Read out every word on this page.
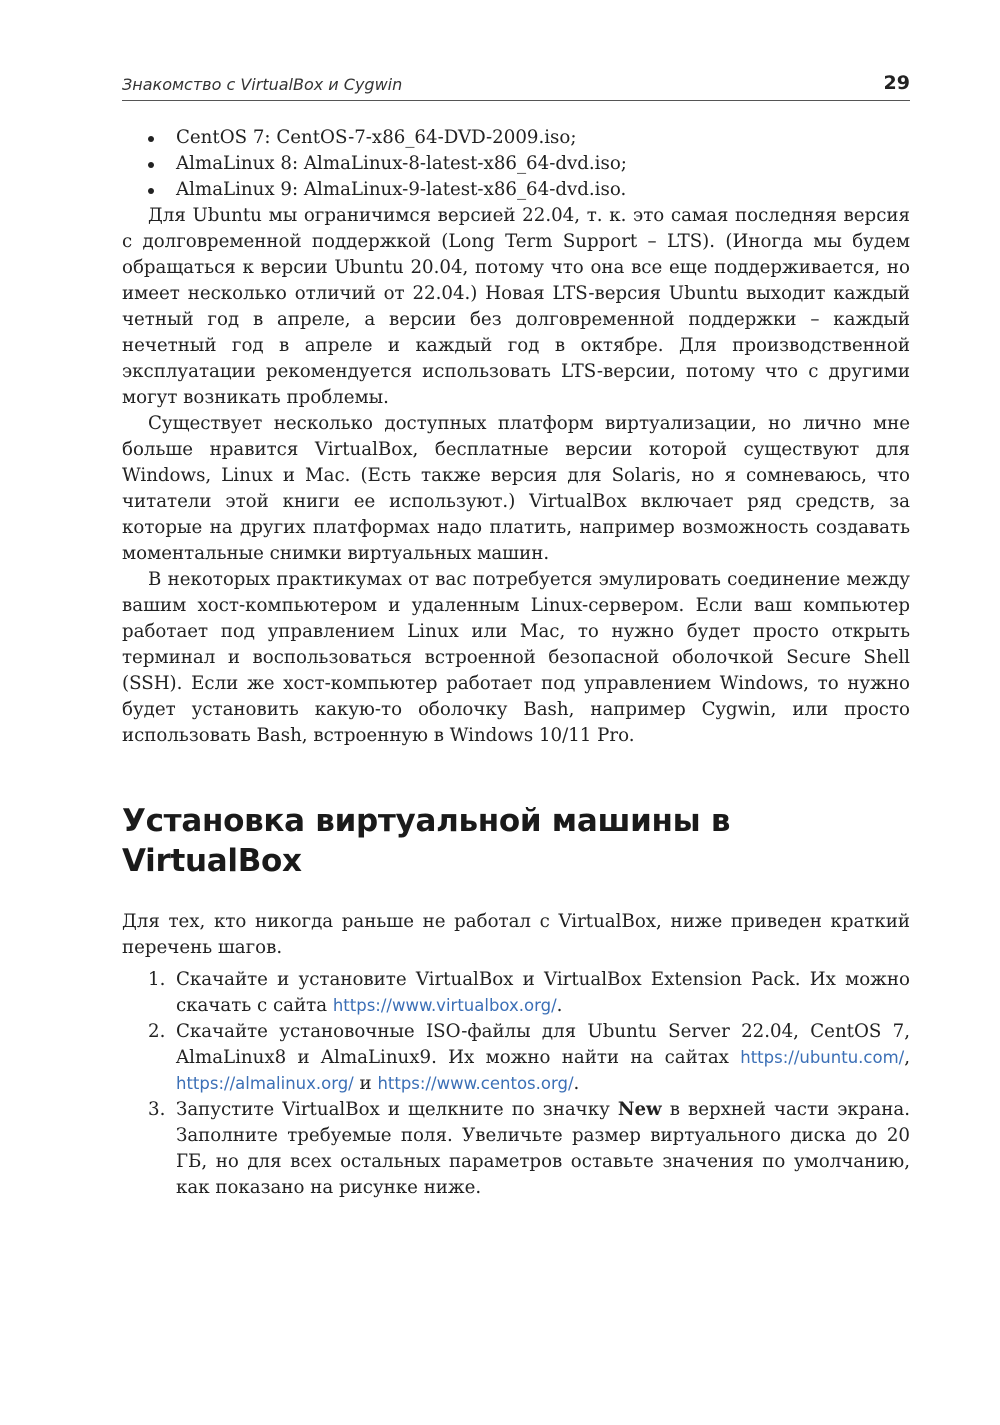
Знакомство с VirtualBox и Cygwin	29
CentOS 7: CentOS-7-x86_64-DVD-2009.iso;
AlmaLinux 8: AlmaLinux-8-latest-x86_64-dvd.iso;
AlmaLinux 9: AlmaLinux-9-latest-x86_64-dvd.iso.

Для Ubuntu мы ограничимся версией 22.04, т. к. это самая последняя версия с долговременной поддержкой (Long Term Support – LTS). (Иногда мы будем обращаться к версии Ubuntu 20.04, потому что она все еще поддерживается, но имеет несколько отличий от 22.04.) Новая LTS-версия Ubuntu выходит каждый четный год в апреле, а версии без долговременной поддержки – каждый нечетный год в апреле и каждый год в октябре. Для производственной эксплуатации рекомендуется использовать LTS-версии, потому что с другими могут возникать проблемы.

Существует несколько доступных платформ виртуализации, но лично мне больше нравится VirtualBox, бесплатные версии которой существуют для Windows, Linux и Mac. (Есть также версия для Solaris, но я сомневаюсь, что читатели этой книги ее используют.) VirtualBox включает ряд средств, за которые на других платформах надо платить, например возможность создавать моментальные снимки виртуальных машин.

В некоторых практикумах от вас потребуется эмулировать соединение между вашим хост-компьютером и удаленным Linux-сервером. Если ваш компьютер работает под управлением Linux или Mac, то нужно будет просто открыть терминал и воспользоваться встроенной безопасной оболочкой Secure Shell (SSH). Если же хост-компьютер работает под управлением Windows, то нужно будет установить какую-то оболочку Bash, например Cygwin, или просто использовать Bash, встроенную в Windows 10/11 Pro.

Установка виртуальной машины в VirtualBox

Для тех, кто никогда раньше не работал с VirtualBox, ниже приведен краткий перечень шагов.

1. Скачайте и установите VirtualBox и VirtualBox Extension Pack. Их можно скачать с сайта https://www.virtualbox.org/.
2. Скачайте установочные ISO-файлы для Ubuntu Server 22.04, CentOS 7, AlmaLinux8 и AlmaLinux9. Их можно найти на сайтах https://ubuntu.com/, https://almalinux.org/ и https://www.centos.org/.
3. Запустите VirtualBox и щелкните по значку New в верхней части экрана. Заполните требуемые поля. Увеличьте размер виртуального диска до 20 ГБ, но для всех остальных параметров оставьте значения по умолчанию, как показано на рисунке ниже.
